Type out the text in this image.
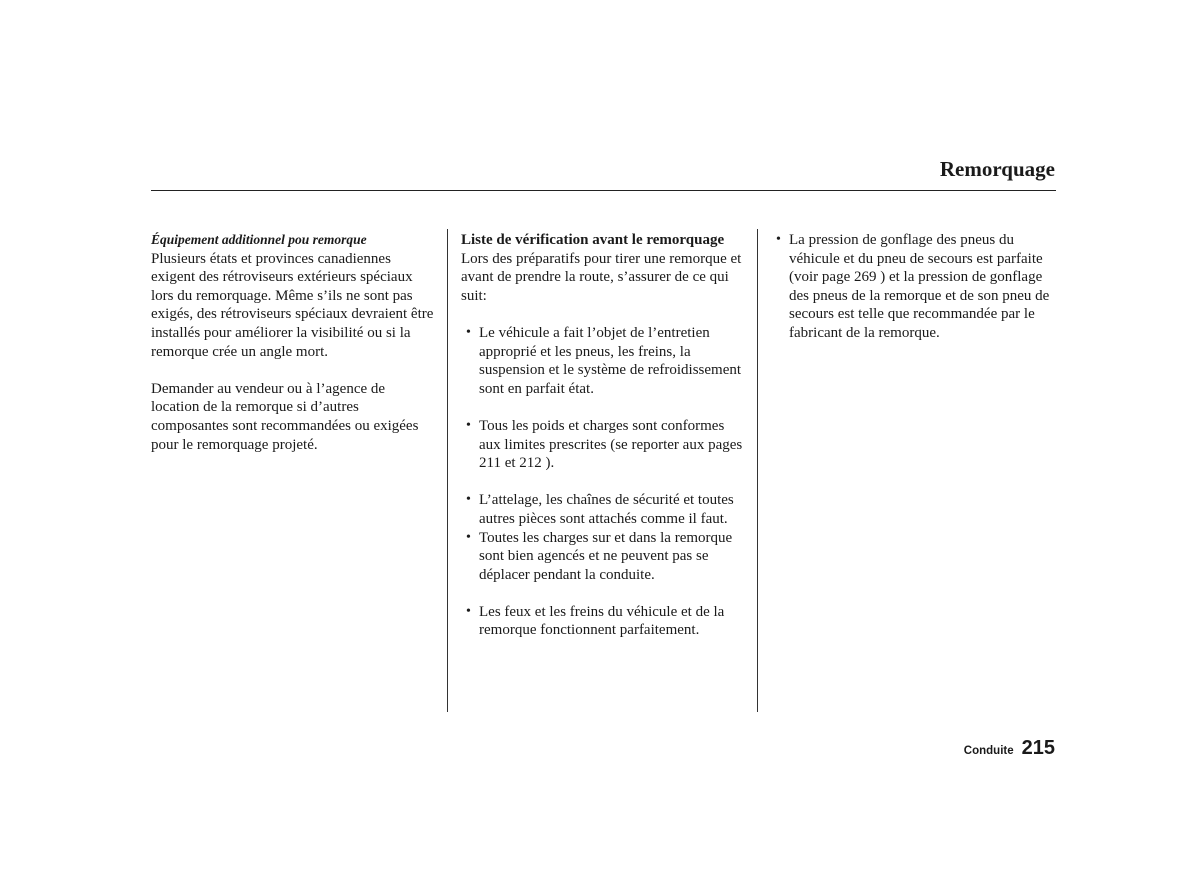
Remorquage

Équipement additionnel pou remorque

Plusieurs états et provinces canadiennes exigent des rétroviseurs extérieurs spéciaux lors du remorquage. Même s’ils ne sont pas exigés, des rétroviseurs spéciaux devraient être installés pour améliorer la visibilité ou si la remorque crée un angle mort.

Demander au vendeur ou à l’agence de location de la remorque si d’autres composantes sont recommandées ou exigées pour le remorquage projeté.

Liste de vérification avant le remorquage

Lors des préparatifs pour tirer une remorque et avant de prendre la route, s’assurer de ce qui suit:

• Le véhicule a fait l’objet de l’entretien approprié et les pneus, les freins, la suspension et le système de refroidissement sont en parfait état.
• Tous les poids et charges sont conformes aux limites prescrites (se reporter aux pages 211 et 212 ).
• L’attelage, les chaînes de sécurité et toutes autres pièces sont attachés comme il faut.
• Toutes les charges sur et dans la remorque sont bien agencés et ne peuvent pas se déplacer pendant la conduite.
• Les feux et les freins du véhicule et de la remorque fonctionnent parfaitement.
• La pression de gonflage des pneus du véhicule et du pneu de secours est parfaite (voir page 269 ) et la pression de gonflage des pneus de la remorque et de son pneu de secours est telle que recommandée par le fabricant de la remorque.
Conduite 215
